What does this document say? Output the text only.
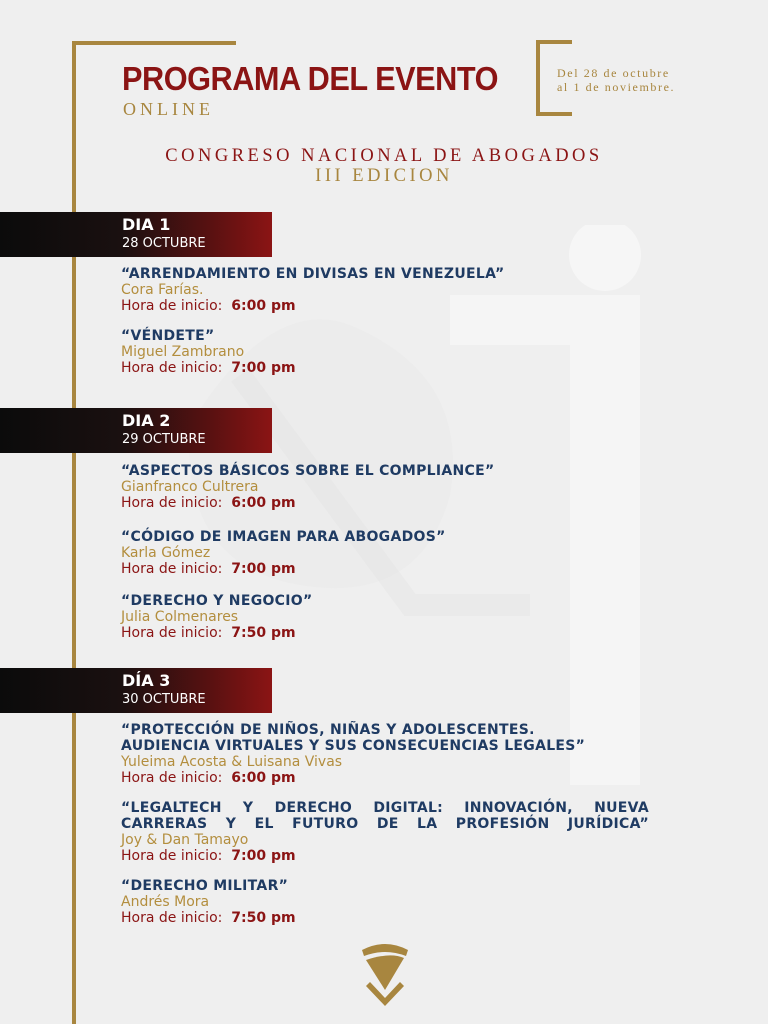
PROGRAMA DEL EVENTO
ONLINE
Del 28 de octubre
al 1 de noviembre.
CONGRESO NACIONAL DE ABOGADOS
III EDICION
DIA 1
28 OCTUBRE
“ARRENDAMIENTO EN DIVISAS EN VENEZUELA”
Cora Farías.
Hora de inicio: 6:00 pm
“VÉNDETE”
Miguel Zambrano
Hora de inicio: 7:00 pm
DIA 2
29 OCTUBRE
“ASPECTOS BÁSICOS SOBRE EL COMPLIANCE”
Gianfranco Cultrera
Hora de inicio: 6:00 pm
“CÓDIGO DE IMAGEN PARA ABOGADOS”
Karla Gómez
Hora de inicio: 7:00 pm
“DERECHO Y NEGOCIO”
Julia Colmenares
Hora de inicio: 7:50 pm
DÍA 3
30 OCTUBRE
“PROTECCIÓN DE NIÑOS, NIÑAS Y ADOLESCENTES.
AUDIENCIA VIRTUALES Y SUS CONSECUENCIAS LEGALES”
Yuleima Acosta & Luisana Vivas
Hora de inicio: 6:00 pm
“LEGALTECH Y DERECHO DIGITAL: INNOVACIÓN, NUEVA
CARRERAS Y EL FUTURO DE LA PROFESIÓN JURÍDICA”
Joy & Dan Tamayo
Hora de inicio: 7:00 pm
“DERECHO MILITAR”
Andrés Mora
Hora de inicio: 7:50 pm
